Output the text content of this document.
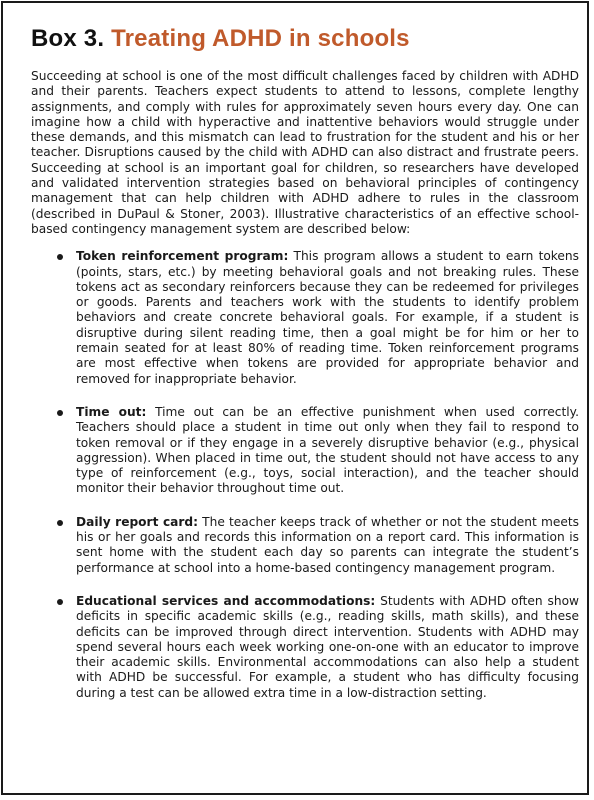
Box 3. Treating ADHD in schools

Succeeding at school is one of the most difficult challenges faced by children with ADHD and their parents. Teachers expect students to attend to lessons, complete lengthy assignments, and comply with rules for approximately seven hours every day. One can imagine how a child with hyperactive and inattentive behaviors would struggle under these demands, and this mismatch can lead to frustration for the student and his or her teacher. Disruptions caused by the child with ADHD can also distract and frustrate peers. Succeeding at school is an important goal for children, so researchers have developed and validated intervention strategies based on behavioral principles of contingency management that can help children with ADHD adhere to rules in the classroom (described in DuPaul & Stoner, 2003). Illustrative characteristics of an effective school-based contingency management system are described below:

Token reinforcement program: This program allows a student to earn tokens (points, stars, etc.) by meeting behavioral goals and not breaking rules. These tokens act as secondary reinforcers because they can be redeemed for privileges or goods. Parents and teachers work with the students to identify problem behaviors and create concrete behavioral goals. For example, if a student is disruptive during silent reading time, then a goal might be for him or her to remain seated for at least 80% of reading time. Token reinforcement programs are most effective when tokens are provided for appropriate behavior and removed for inappropriate behavior.
Time out: Time out can be an effective punishment when used correctly. Teachers should place a student in time out only when they fail to respond to token removal or if they engage in a severely disruptive behavior (e.g., physical aggression). When placed in time out, the student should not have access to any type of reinforcement (e.g., toys, social interaction), and the teacher should monitor their behavior throughout time out.
Daily report card: The teacher keeps track of whether or not the student meets his or her goals and records this information on a report card. This information is sent home with the student each day so parents can integrate the student’s performance at school into a home-based contingency management program.
Educational services and accommodations: Students with ADHD often show deficits in specific academic skills (e.g., reading skills, math skills), and these deficits can be improved through direct intervention. Students with ADHD may spend several hours each week working one-on-one with an educator to improve their academic skills. Environmental accommodations can also help a student with ADHD be successful. For example, a student who has difficulty focusing during a test can be allowed extra time in a low-distraction setting.
